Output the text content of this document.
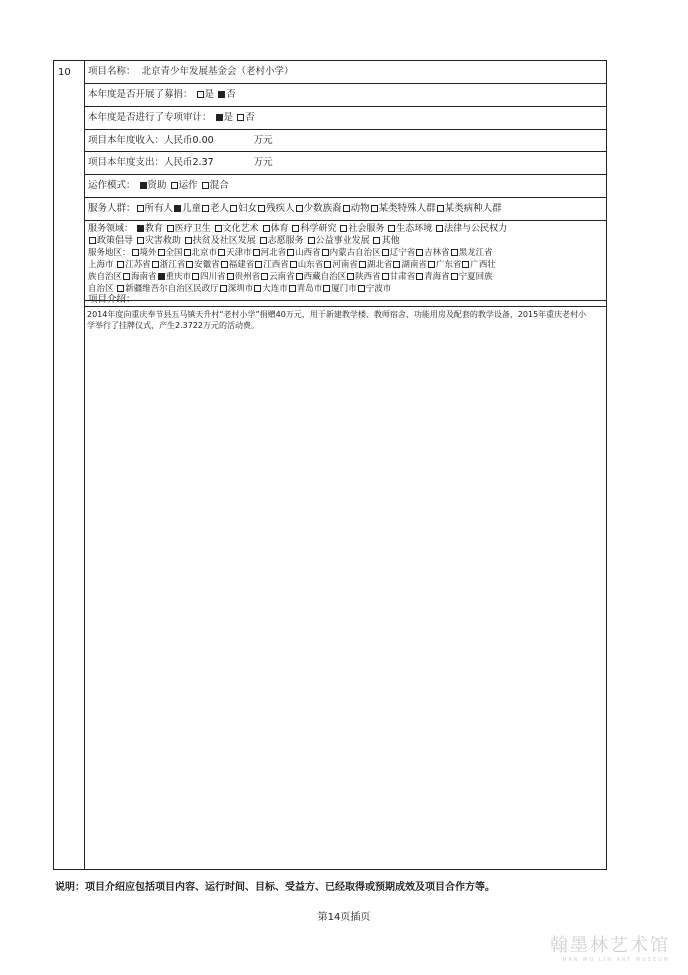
10	项目名称： 北京青少年发展基金会（老村小学）
本年度是否开展了募捐： 是 否
本年度是否进行了专项审计： 是 否
项目本年度收入：人民币0.00	万元
项目本年度支出：人民币2.37	万元
运作模式： 资助 运作 混合
服务人群： 所有人 儿童 老人 妇女 残疾人 少数族裔 动物 某类特殊人群 某类病种人群
服务领域： 教育 医疗卫生 文化艺术 体育 科学研究 社会服务 生态环境 法律与公民权力
政策倡导 灾害救助 扶贫及社区发展 志愿服务 公益事业发展 其他
服务地区： 境外 全国 北京市 天津市 河北省 山西省 内蒙古自治区 辽宁省 吉林省 黑龙江省
上海市 江苏省 浙江省 安徽省 福建省 江西省 山东省 河南省 湖北省 湖南省 广东省 广西壮
族自治区 海南省 重庆市 四川省 贵州省 云南省 西藏自治区 陕西省 甘肃省 青海省 宁夏回族
自治区 新疆维吾尔自治区民政厅 深圳市 大连市 青岛市 厦门市 宁波市
项目介绍：
2014年度向重庆奉节县五马镇天升村“老村小学”捐赠40万元，用于新建教学楼、教师宿舍、功能用房及配套的教学设备，2015年重庆老村小学举行了挂牌仪式，产生2.3722万元的活动费。
说明：项目介绍应包括项目内容、运行时间、目标、受益方、已经取得或预期成效及项目合作方等。
第14页插页
翰墨林艺术馆
HAN MO LIN ART MUSEUM
